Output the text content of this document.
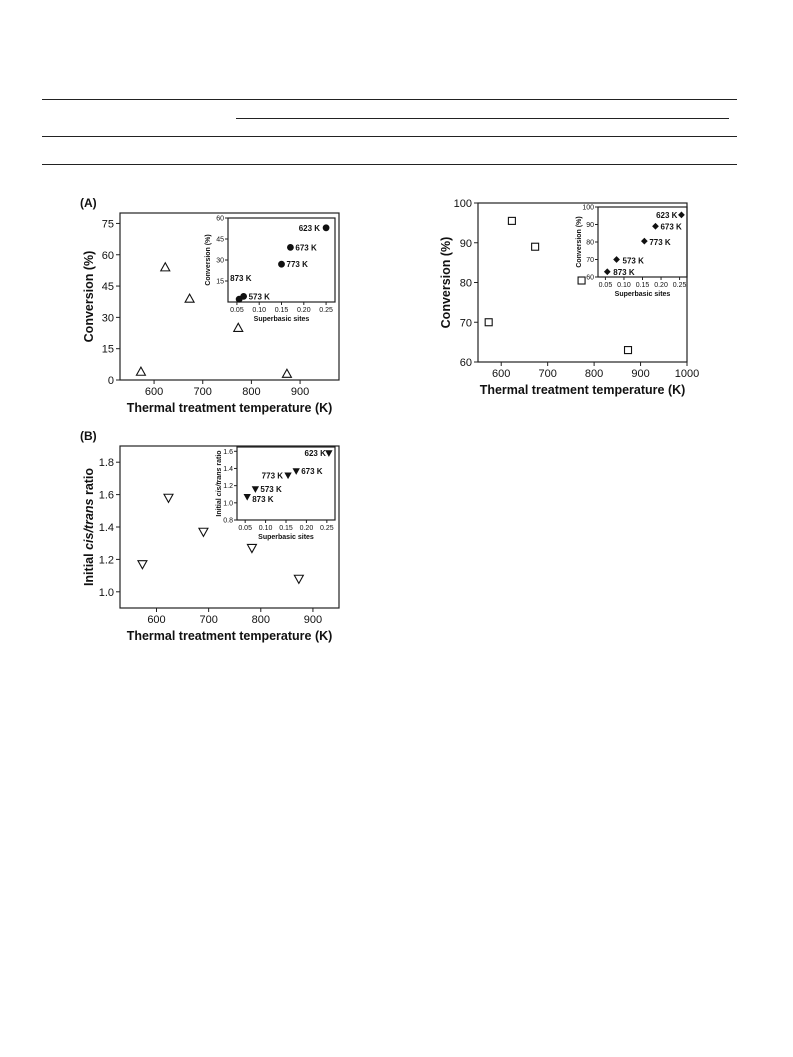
(A)
600	700	800	900
0
15
30
45
60
75
Thermal treatment temperature (K)
Conversion (%)	0.05 0.10 0.15 0.20 0.25
15
30
45
60
Superbasic sites
Conversion (%)
623 K
673 K
773 K
573 K
873 K
(B)
600	700	800	900
1.0
1.2
1.4
1.6
1.8
Thermal treatment temperature (K)
Initial cis/trans ratio
0.05 0.10 0.15 0.20 0.25
0.8
1.0
1.2
1.4
1.6
Superbasic sites
Initial cis/trans ratio	623 K
673 K
773 K
573 K
873 K
600	700	800	900 1000
60
70
80
90
100
Thermal treatment temperature (K)
Conversion (%)	0.05 0.10 0.15 0.20 0.25
60
70
80
90
100
Superbasic sites
Conversion (%)
623 K
673 K
773 K
573 K
873 K
